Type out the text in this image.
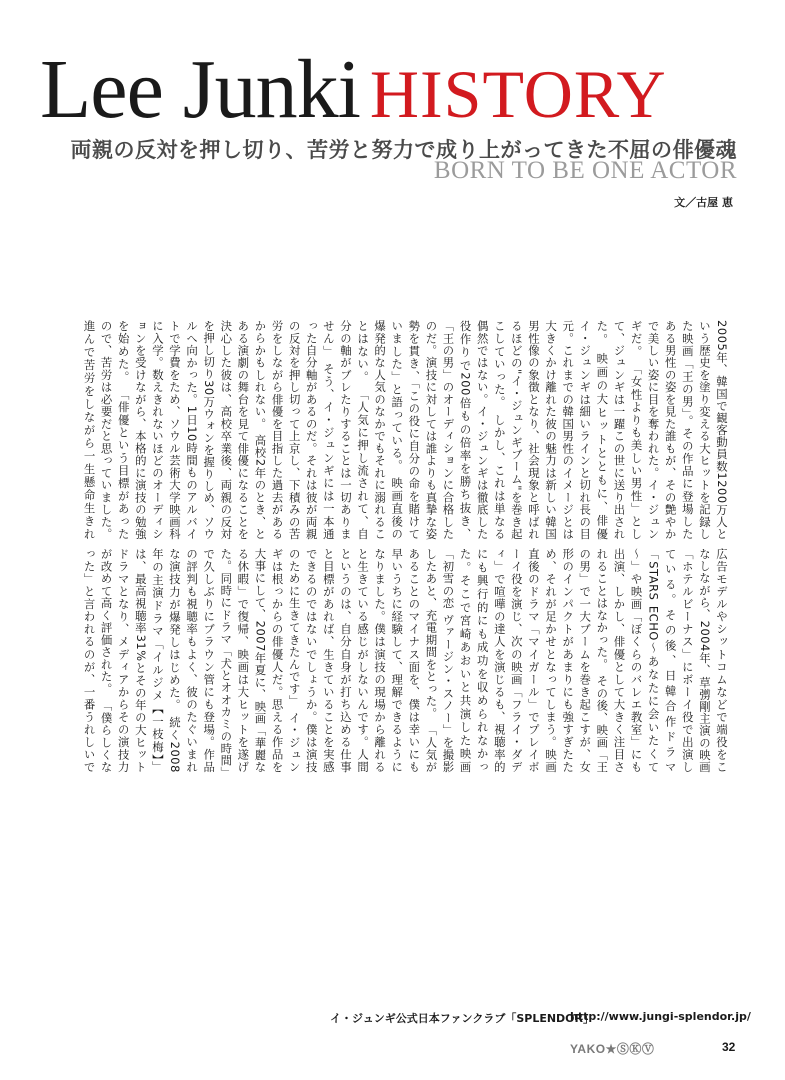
Lee Junki HISTORY
両親の反対を押し切り、苦労と努力で成り上がってきた不屈の俳優魂
BORN TO BE ONE ACTOR
文／古屋 恵
2005年、韓国で観客動員数1200万人という歴史を塗り変える大ヒットを記録した映画「王の男」。その作品に登場したある男性の姿を見た誰もが、その艶やかで美しい姿に目を奪われた。イ・ジュンギだ。 「女性よりも美しい男性」として、ジュンギは一躍この世に送り出された。 映画の大ヒットとともに、俳優イ・ジュンギは細いラインと切れ長の目元。これまでの韓国男性のイメージとは大きくかけ離れた彼の魅力は新しい韓国男性像の象徴となり、社会現象と呼ばれるほどの"イ・ジュンギブーム"を巻き起こしていった。 しかし、これは単なる偶然ではない。イ・ジュンギは徹底した役作りで200倍もの倍率を勝ち抜き、「王の男」のオーディションに合格したのだ。演技に対しては誰よりも真摯な姿勢を貫き、「この役に自分の命を賭けていました」と語っている。 映画直後の爆発的な人気のなかでもそれに溺れることはない。 「人気に押し流されて、自分の軸がブレたりすることは一切ありません」 そう、イ・ジュンギには一本通った自分軸があるのだ。それは彼が両親の反対を押し切って上京し、下積みの苦労をしながら俳優を目指した過去があるからかもしれない。 高校2年のとき、とある演劇の舞台を見て俳優になることを決心した彼は、高校卒業後、両親の反対を押し切り30万ウォンを握りしめ、ソウルへ向かった。1日10時間ものアルバイトで学費をため、ソウル芸術大学映画科に入学。数えきれないほどのオーディションを受けながら、本格的に演技の勉強を始めた。 「俳優という目標があったので、苦労は必要だと思っていました。進んで苦労をしながら一生懸命生きれ
広告モデルやシットコムなどで端役をこなしながら、2004年、草彅剛主演の映画「ホテルビーナス」にボーイ役で出演している。その後、日韓合作ドラマ「STARS ECHO～あなたに会いたくて～」や映画「ぼくらのバレエ教室」にも出演、しかし、俳優として大きく注目されることはなかった。 その後、映画「王の男」で一大ブームを巻き起こすが、女形のインパクトがあまりにも強すぎたため、それが足かせとなってしまう。映画直後のドラマ「マイガール」でプレイボーイ役を演じ、次の映画「フライ・ダディ」で喧嘩の達人を演じるも、視聴率的にも興行的にも成功を収められなかった。そこで宮崎あおいと共演した映画「初雪の恋 ヴァージン・スノー」を撮影したあと、充電期間をとった。 「人気があることのマイナス面を、僕は幸いにも早いうちに経験して、理解できるようになりました。僕は演技の現場から離れると生きている感じがしないんです。人間というのは、自分自身が打ち込める仕事と目標があれば、生きていることを実感できるのではないでしょうか。僕は演技のために生きてきたんです」 イ・ジュンギは根っからの俳優人だ。思える作品を大事にして、2007年夏に、映画「華麗なる休暇」で復帰、映画は大ヒットを遂げた。同時にドラマ「犬とオオカミの時間」で久しぶりにブラウン管にも登場。作品の評判も視聴率もよく、彼のたぐいまれな演技力が爆発しはじめた。 続く2008年の主演ドラマ「イルジメ【一枝梅】」は、最高視聴率31%とその年の大ヒットドラマとなり、メディアからその演技力が改めて高く評価された。 「僕らしくなった」と言われるのが、一番うれしいで
イ・ジュンギ公式日本ファンクラブ「SPLENDOR」
http://www.jungi-splendor.jp/
YAKO★ⓈⓀⓋ	32
